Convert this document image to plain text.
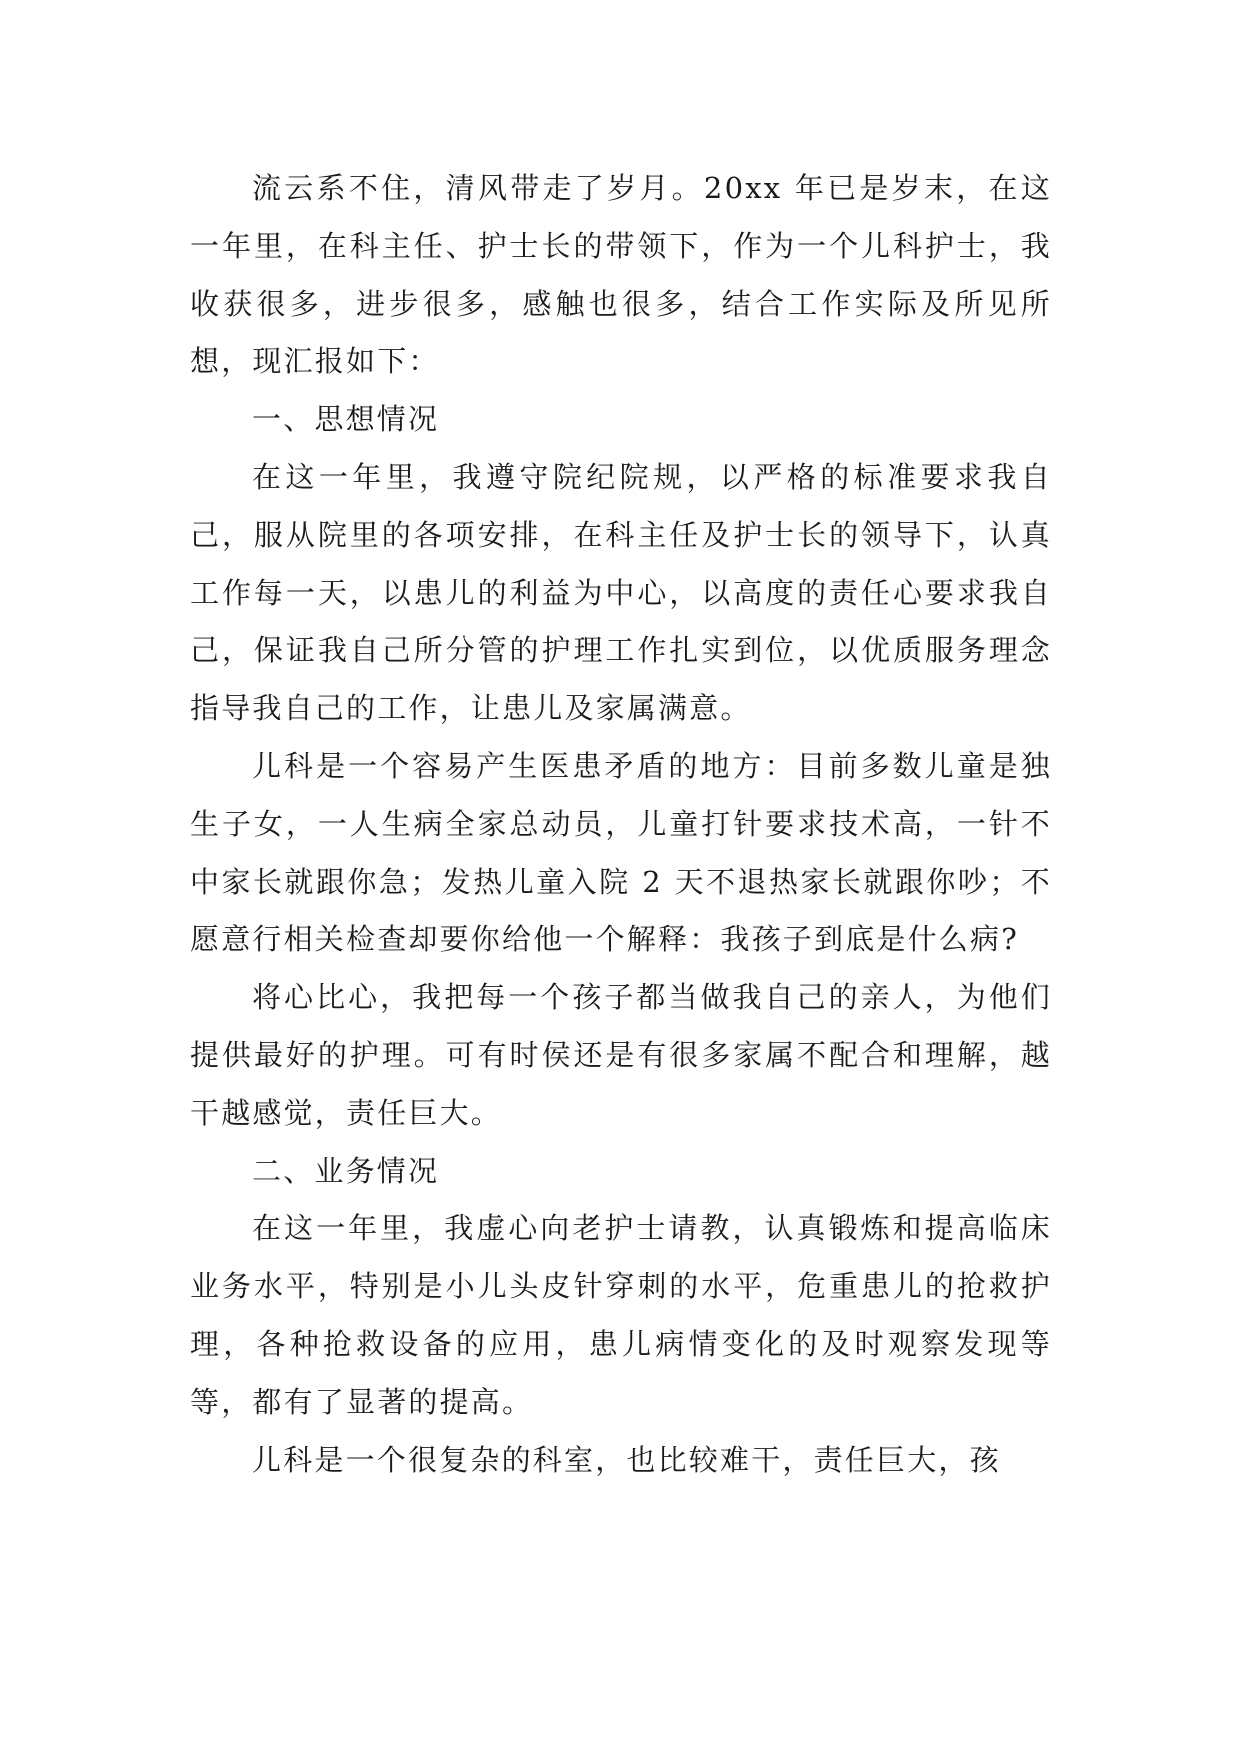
流云系不住，清风带走了岁月。20xx 年已是岁末，在这一年里，在科主任、护士长的带领下，作为一个儿科护士，我收获很多，进步很多，感触也很多，结合工作实际及所见所想，现汇报如下：

一、思想情况

在这一年里，我遵守院纪院规，以严格的标准要求我自己，服从院里的各项安排，在科主任及护士长的领导下，认真工作每一天，以患儿的利益为中心，以高度的责任心要求我自己，保证我自己所分管的护理工作扎实到位，以优质服务理念指导我自己的工作，让患儿及家属满意。

儿科是一个容易产生医患矛盾的地方：目前多数儿童是独生子女，一人生病全家总动员，儿童打针要求技术高，一针不中家长就跟你急；发热儿童入院 2 天不退热家长就跟你吵；不愿意行相关检查却要你给他一个解释：我孩子到底是什么病?

将心比心，我把每一个孩子都当做我自己的亲人，为他们提供最好的护理。可有时侯还是有很多家属不配合和理解，越干越感觉，责任巨大。

二、业务情况

在这一年里，我虚心向老护士请教，认真锻炼和提高临床业务水平，特别是小儿头皮针穿刺的水平，危重患儿的抢救护理，各种抢救设备的应用，患儿病情变化的及时观察发现等等，都有了显著的提高。

儿科是一个很复杂的科室，也比较难干，责任巨大，孩
